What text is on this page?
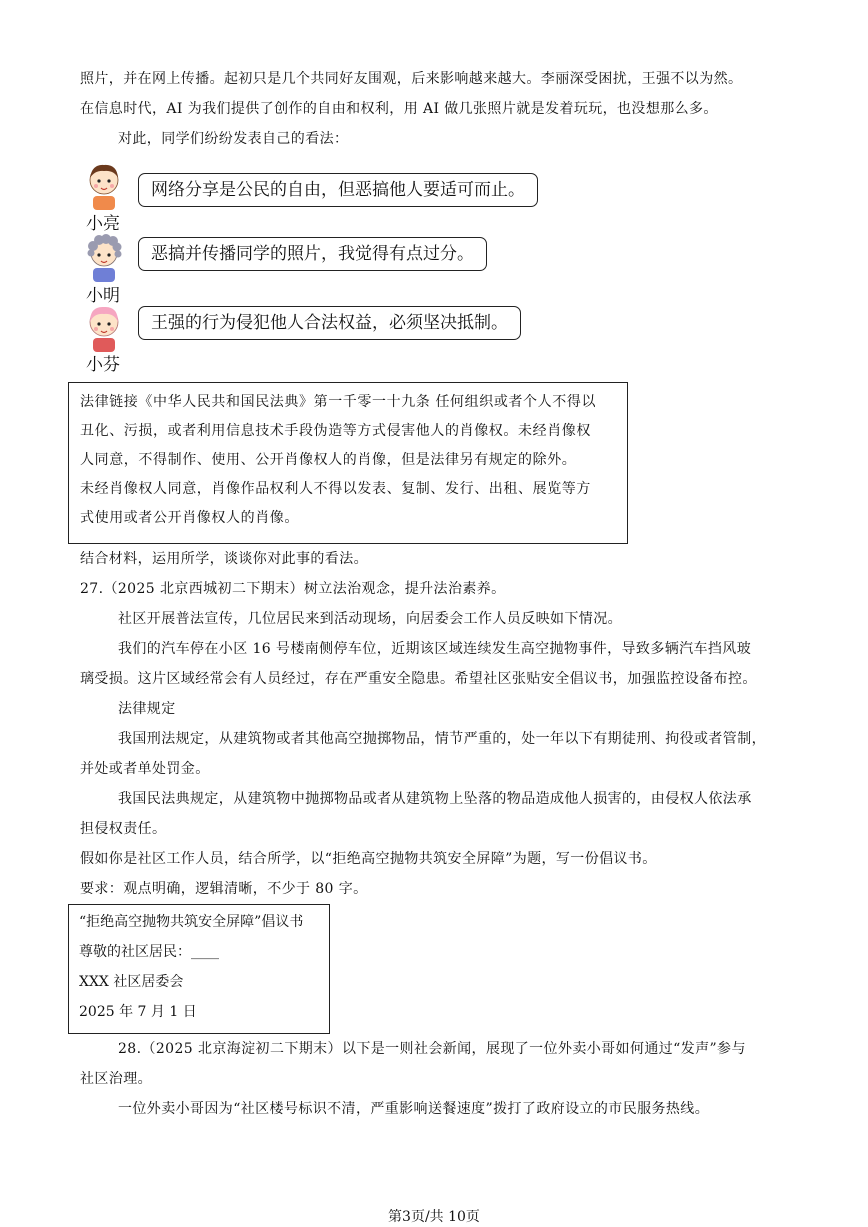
照片，并在网上传播。起初只是几个共同好友围观，后来影响越来越大。李丽深受困扰，王强不以为然。
在信息时代，AI 为我们提供了创作的自由和权利，用 AI 做几张照片就是发着玩玩，也没想那么多。
对此，同学们纷纷发表自己的看法：
小亮
网络分享是公民的自由，但恶搞他人要适可而止。
小明
恶搞并传播同学的照片，我觉得有点过分。
小芬
王强的行为侵犯他人合法权益，必须坚决抵制。
法律链接《中华人民共和国民法典》第一千零一十九条 任何组织或者个人不得以
丑化、污损，或者利用信息技术手段伪造等方式侵害他人的肖像权。未经肖像权
人同意，不得制作、使用、公开肖像权人的肖像，但是法律另有规定的除外。
未经肖像权人同意，肖像作品权利人不得以发表、复制、发行、出租、展览等方
式使用或者公开肖像权人的肖像。
结合材料，运用所学，谈谈你对此事的看法。
27.（2025 北京西城初二下期末）树立法治观念，提升法治素养。
社区开展普法宣传，几位居民来到活动现场，向居委会工作人员反映如下情况。
我们的汽车停在小区 16 号楼南侧停车位，近期该区域连续发生高空抛物事件，导致多辆汽车挡风玻
璃受损。这片区域经常会有人员经过，存在严重安全隐患。希望社区张贴安全倡议书，加强监控设备布控。
法律规定
我国刑法规定，从建筑物或者其他高空抛掷物品，情节严重的，处一年以下有期徒刑、拘役或者管制，
并处或者单处罚金。
我国民法典规定，从建筑物中抛掷物品或者从建筑物上坠落的物品造成他人损害的，由侵权人依法承
担侵权责任。
假如你是社区工作人员，结合所学，以“拒绝高空抛物共筑安全屏障”为题，写一份倡议书。
要求：观点明确，逻辑清晰，不少于 80 字。
“拒绝高空抛物共筑安全屏障”倡议书
尊敬的社区居民：____
XXX 社区居委会
2025 年 7 月 1 日
28.（2025 北京海淀初二下期末）以下是一则社会新闻，展现了一位外卖小哥如何通过“发声”参与
社区治理。
一位外卖小哥因为“社区楼号标识不清，严重影响送餐速度”拨打了政府设立的市民服务热线。
第3页/共 10页
